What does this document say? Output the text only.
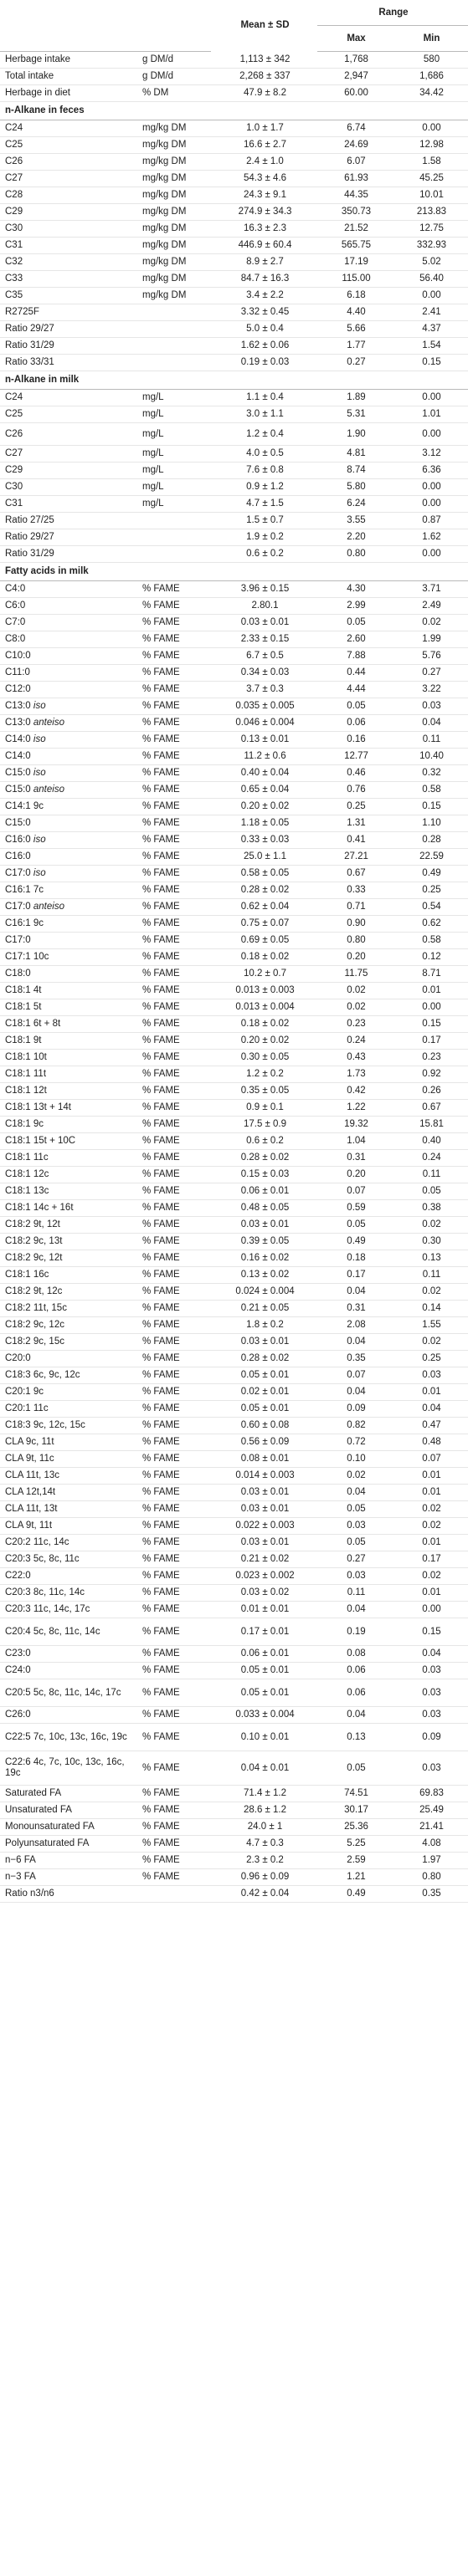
		Mean ± SD	Range	
			Max	Min
Herbage intake	g DM/d	1,113 ± 342	1,768	580
Total intake	g DM/d	2,268 ± 337	2,947	1,686
Herbage in diet	% DM	47.9 ± 8.2	60.00	34.42
n-Alkane in feces				
C24	mg/kg DM	1.0 ± 1.7	6.74	0.00
C25	mg/kg DM	16.6 ± 2.7	24.69	12.98
C26	mg/kg DM	2.4 ± 1.0	6.07	1.58
C27	mg/kg DM	54.3 ± 4.6	61.93	45.25
C28	mg/kg DM	24.3 ± 9.1	44.35	10.01
C29	mg/kg DM	274.9 ± 34.3	350.73	213.83
C30	mg/kg DM	16.3 ± 2.3	21.52	12.75
C31	mg/kg DM	446.9 ± 60.4	565.75	332.93
C32	mg/kg DM	8.9 ± 2.7	17.19	5.02
C33	mg/kg DM	84.7 ± 16.3	115.00	56.40
C35	mg/kg DM	3.4 ± 2.2	6.18	0.00
R2725F		3.32 ± 0.45	4.40	2.41
Ratio 29/27		5.0 ± 0.4	5.66	4.37
Ratio 31/29		1.62 ± 0.06	1.77	1.54
Ratio 33/31		0.19 ± 0.03	0.27	0.15
n-Alkane in milk				
C24	mg/L	1.1 ± 0.4	1.89	0.00
C25	mg/L	3.0 ± 1.1	5.31	1.01
C26	mg/L	1.2 ± 0.4	1.90	0.00
C27	mg/L	4.0 ± 0.5	4.81	3.12
C29	mg/L	7.6 ± 0.8	8.74	6.36
C30	mg/L	0.9 ± 1.2	5.80	0.00
C31	mg/L	4.7 ± 1.5	6.24	0.00
Ratio 27/25		1.5 ± 0.7	3.55	0.87
Ratio 29/27		1.9 ± 0.2	2.20	1.62
Ratio 31/29		0.6 ± 0.2	0.80	0.00
Fatty acids in milk				
C4:0	% FAME	3.96 ± 0.15	4.30	3.71
C6:0	% FAME	2.80.1	2.99	2.49
C7:0	% FAME	0.03 ± 0.01	0.05	0.02
C8:0	% FAME	2.33 ± 0.15	2.60	1.99
C10:0	% FAME	6.7 ± 0.5	7.88	5.76
C11:0	% FAME	0.34 ± 0.03	0.44	0.27
C12:0	% FAME	3.7 ± 0.3	4.44	3.22
C13:0 iso	% FAME	0.035 ± 0.005	0.05	0.03
C13:0 anteiso	% FAME	0.046 ± 0.004	0.06	0.04
C14:0 iso	% FAME	0.13 ± 0.01	0.16	0.11
C14:0	% FAME	11.2 ± 0.6	12.77	10.40
C15:0 iso	% FAME	0.40 ± 0.04	0.46	0.32
C15:0 anteiso	% FAME	0.65 ± 0.04	0.76	0.58
C14:1 9c	% FAME	0.20 ± 0.02	0.25	0.15
C15:0	% FAME	1.18 ± 0.05	1.31	1.10
C16:0 iso	% FAME	0.33 ± 0.03	0.41	0.28
C16:0	% FAME	25.0 ± 1.1	27.21	22.59
C17:0 iso	% FAME	0.58 ± 0.05	0.67	0.49
C16:1 7c	% FAME	0.28 ± 0.02	0.33	0.25
C17:0 anteiso	% FAME	0.62 ± 0.04	0.71	0.54
C16:1 9c	% FAME	0.75 ± 0.07	0.90	0.62
C17:0	% FAME	0.69 ± 0.05	0.80	0.58
C17:1 10c	% FAME	0.18 ± 0.02	0.20	0.12
C18:0	% FAME	10.2 ± 0.7	11.75	8.71
C18:1 4t	% FAME	0.013 ± 0.003	0.02	0.01
C18:1 5t	% FAME	0.013 ± 0.004	0.02	0.00
C18:1 6t + 8t	% FAME	0.18 ± 0.02	0.23	0.15
C18:1 9t	% FAME	0.20 ± 0.02	0.24	0.17
C18:1 10t	% FAME	0.30 ± 0.05	0.43	0.23
C18:1 11t	% FAME	1.2 ± 0.2	1.73	0.92
C18:1 12t	% FAME	0.35 ± 0.05	0.42	0.26
C18:1 13t + 14t	% FAME	0.9 ± 0.1	1.22	0.67
C18:1 9c	% FAME	17.5 ± 0.9	19.32	15.81
C18:1 15t + 10C	% FAME	0.6 ± 0.2	1.04	0.40
C18:1 11c	% FAME	0.28 ± 0.02	0.31	0.24
C18:1 12c	% FAME	0.15 ± 0.03	0.20	0.11
C18:1 13c	% FAME	0.06 ± 0.01	0.07	0.05
C18:1 14c + 16t	% FAME	0.48 ± 0.05	0.59	0.38
C18:2 9t, 12t	% FAME	0.03 ± 0.01	0.05	0.02
C18:2 9c, 13t	% FAME	0.39 ± 0.05	0.49	0.30
C18:2 9c, 12t	% FAME	0.16 ± 0.02	0.18	0.13
C18:1 16c	% FAME	0.13 ± 0.02	0.17	0.11
C18:2 9t, 12c	% FAME	0.024 ± 0.004	0.04	0.02
C18:2 11t, 15c	% FAME	0.21 ± 0.05	0.31	0.14
C18:2 9c, 12c	% FAME	1.8 ± 0.2	2.08	1.55
C18:2 9c, 15c	% FAME	0.03 ± 0.01	0.04	0.02
C20:0	% FAME	0.28 ± 0.02	0.35	0.25
C18:3 6c, 9c, 12c	% FAME	0.05 ± 0.01	0.07	0.03
C20:1 9c	% FAME	0.02 ± 0.01	0.04	0.01
C20:1 11c	% FAME	0.05 ± 0.01	0.09	0.04
C18:3 9c, 12c, 15c	% FAME	0.60 ± 0.08	0.82	0.47
CLA 9c, 11t	% FAME	0.56 ± 0.09	0.72	0.48
CLA 9t, 11c	% FAME	0.08 ± 0.01	0.10	0.07
CLA 11t, 13c	% FAME	0.014 ± 0.003	0.02	0.01
CLA 12t,14t	% FAME	0.03 ± 0.01	0.04	0.01
CLA 11t, 13t	% FAME	0.03 ± 0.01	0.05	0.02
CLA 9t, 11t	% FAME	0.022 ± 0.003	0.03	0.02
C20:2 11c, 14c	% FAME	0.03 ± 0.01	0.05	0.01
C20:3 5c, 8c, 11c	% FAME	0.21 ± 0.02	0.27	0.17
C22:0	% FAME	0.023 ± 0.002	0.03	0.02
C20:3 8c, 11c, 14c	% FAME	0.03 ± 0.02	0.11	0.01
C20:3 11c, 14c, 17c	% FAME	0.01 ± 0.01	0.04	0.00
C20:4 5c, 8c, 11c, 14c	% FAME	0.17 ± 0.01	0.19	0.15
C23:0	% FAME	0.06 ± 0.01	0.08	0.04
C24:0	% FAME	0.05 ± 0.01	0.06	0.03
C20:5 5c, 8c, 11c, 14c, 17c	% FAME	0.05 ± 0.01	0.06	0.03
C26:0	% FAME	0.033 ± 0.004	0.04	0.03
C22:5 7c, 10c, 13c, 16c, 19c	% FAME	0.10 ± 0.01	0.13	0.09
C22:6 4c, 7c, 10c, 13c, 16c, 19c	% FAME	0.04 ± 0.01	0.05	0.03
Saturated FA	% FAME	71.4 ± 1.2	74.51	69.83
Unsaturated FA	% FAME	28.6 ± 1.2	30.17	25.49
Monounsaturated FA	% FAME	24.0 ± 1	25.36	21.41
Polyunsaturated FA	% FAME	4.7 ± 0.3	5.25	4.08
n−6 FA	% FAME	2.3 ± 0.2	2.59	1.97
n−3 FA	% FAME	0.96 ± 0.09	1.21	0.80
Ratio n3/n6		0.42 ± 0.04	0.49	0.35
